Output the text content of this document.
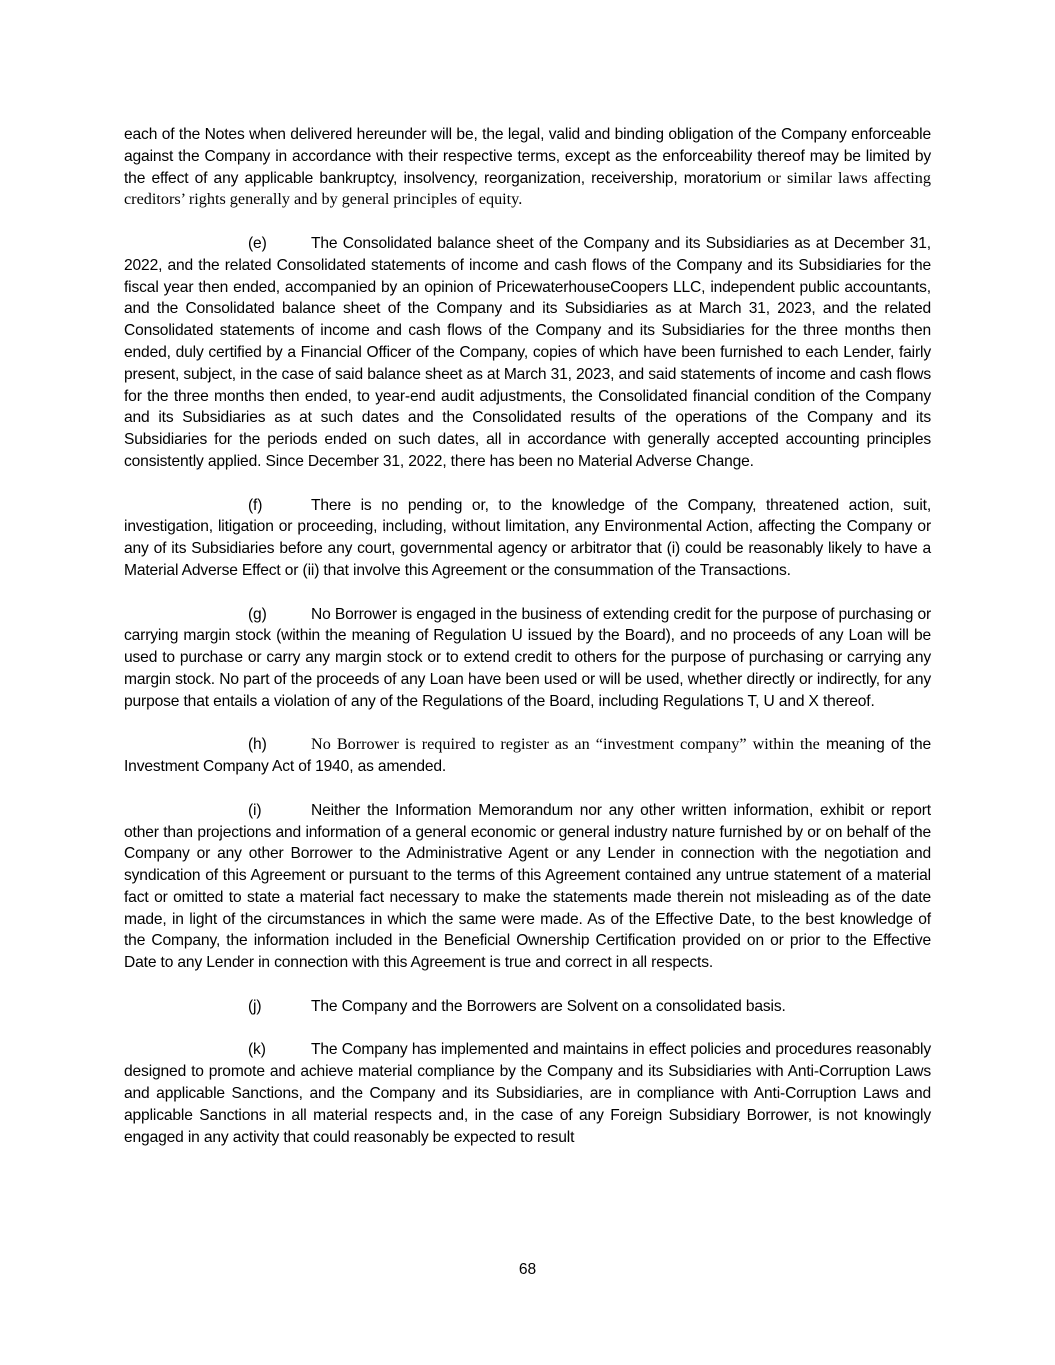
each of the Notes when delivered hereunder will be, the legal, valid and binding obligation of the Company enforceable against the Company in accordance with their respective terms, except as the enforceability thereof may be limited by the effect of any applicable bankruptcy, insolvency, reorganization, receivership, moratorium or similar laws affecting creditors’ rights generally and by general principles of equity.

(e)	The Consolidated balance sheet of the Company and its Subsidiaries as at December 31, 2022, and the related Consolidated statements of income and cash flows of the Company and its Subsidiaries for the fiscal year then ended, accompanied by an opinion of PricewaterhouseCoopers LLC, independent public accountants, and the Consolidated balance sheet of the Company and its Subsidiaries as at March 31, 2023, and the related Consolidated statements of income and cash flows of the Company and its Subsidiaries for the three months then ended, duly certified by a Financial Officer of the Company, copies of which have been furnished to each Lender, fairly present, subject, in the case of said balance sheet as at March 31, 2023, and said statements of income and cash flows for the three months then ended, to year-end audit adjustments, the Consolidated financial condition of the Company and its Subsidiaries as at such dates and the Consolidated results of the operations of the Company and its Subsidiaries for the periods ended on such dates, all in accordance with generally accepted accounting principles consistently applied. Since December 31, 2022, there has been no Material Adverse Change.

(f)	There is no pending or, to the knowledge of the Company, threatened action, suit, investigation, litigation or proceeding, including, without limitation, any Environmental Action, affecting the Company or any of its Subsidiaries before any court, governmental agency or arbitrator that (i) could be reasonably likely to have a Material Adverse Effect or (ii) that involve this Agreement or the consummation of the Transactions.

(g)	No Borrower is engaged in the business of extending credit for the purpose of purchasing or carrying margin stock (within the meaning of Regulation U issued by the Board), and no proceeds of any Loan will be used to purchase or carry any margin stock or to extend credit to others for the purpose of purchasing or carrying any margin stock. No part of the proceeds of any Loan have been used or will be used, whether directly or indirectly, for any purpose that entails a violation of any of the Regulations of the Board, including Regulations T, U and X thereof.

(h)	No Borrower is required to register as an “investment company” within the meaning of the Investment Company Act of 1940, as amended.

(i)	Neither the Information Memorandum nor any other written information, exhibit or report other than projections and information of a general economic or general industry nature furnished by or on behalf of the Company or any other Borrower to the Administrative Agent or any Lender in connection with the negotiation and syndication of this Agreement or pursuant to the terms of this Agreement contained any untrue statement of a material fact or omitted to state a material fact necessary to make the statements made therein not misleading as of the date made, in light of the circumstances in which the same were made. As of the Effective Date, to the best knowledge of the Company, the information included in the Beneficial Ownership Certification provided on or prior to the Effective Date to any Lender in connection with this Agreement is true and correct in all respects.

(j)	The Company and the Borrowers are Solvent on a consolidated basis.

(k)	The Company has implemented and maintains in effect policies and procedures reasonably designed to promote and achieve material compliance by the Company and its Subsidiaries with Anti-Corruption Laws and applicable Sanctions, and the Company and its Subsidiaries, are in compliance with Anti-Corruption Laws and applicable Sanctions in all material respects and, in the case of any Foreign Subsidiary Borrower, is not knowingly engaged in any activity that could reasonably be expected to result

68
